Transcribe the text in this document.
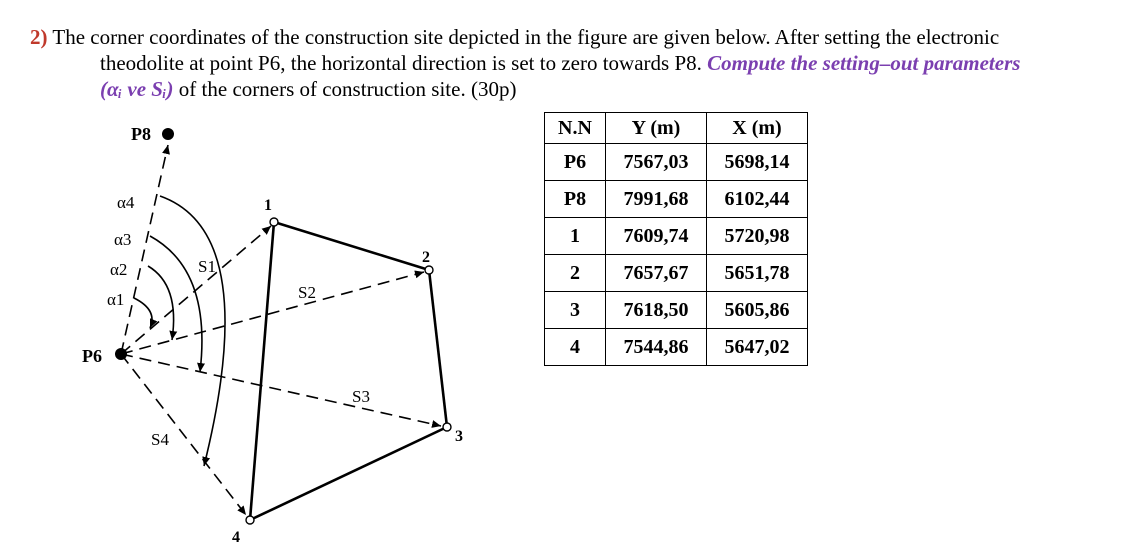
2) The corner coordinates of the construction site depicted in the figure are given below. After setting the electronic
theodolite at point P6, the horizontal direction is set to zero towards P8. Compute the setting–out parameters
(αᵢ ve Sᵢ) of the corners of construction site. (30p)
N.N	Y (m)	X (m)
P6	7567,03	5698,14
P8	7991,68	6102,44
1	7609,74	5720,98
2	7657,67	5651,78
3	7618,50	5605,86
4	7544,86	5647,02
P8
P6
1
2
3
4
α4
α3
α2
α1
S1
S2
S3
S4
